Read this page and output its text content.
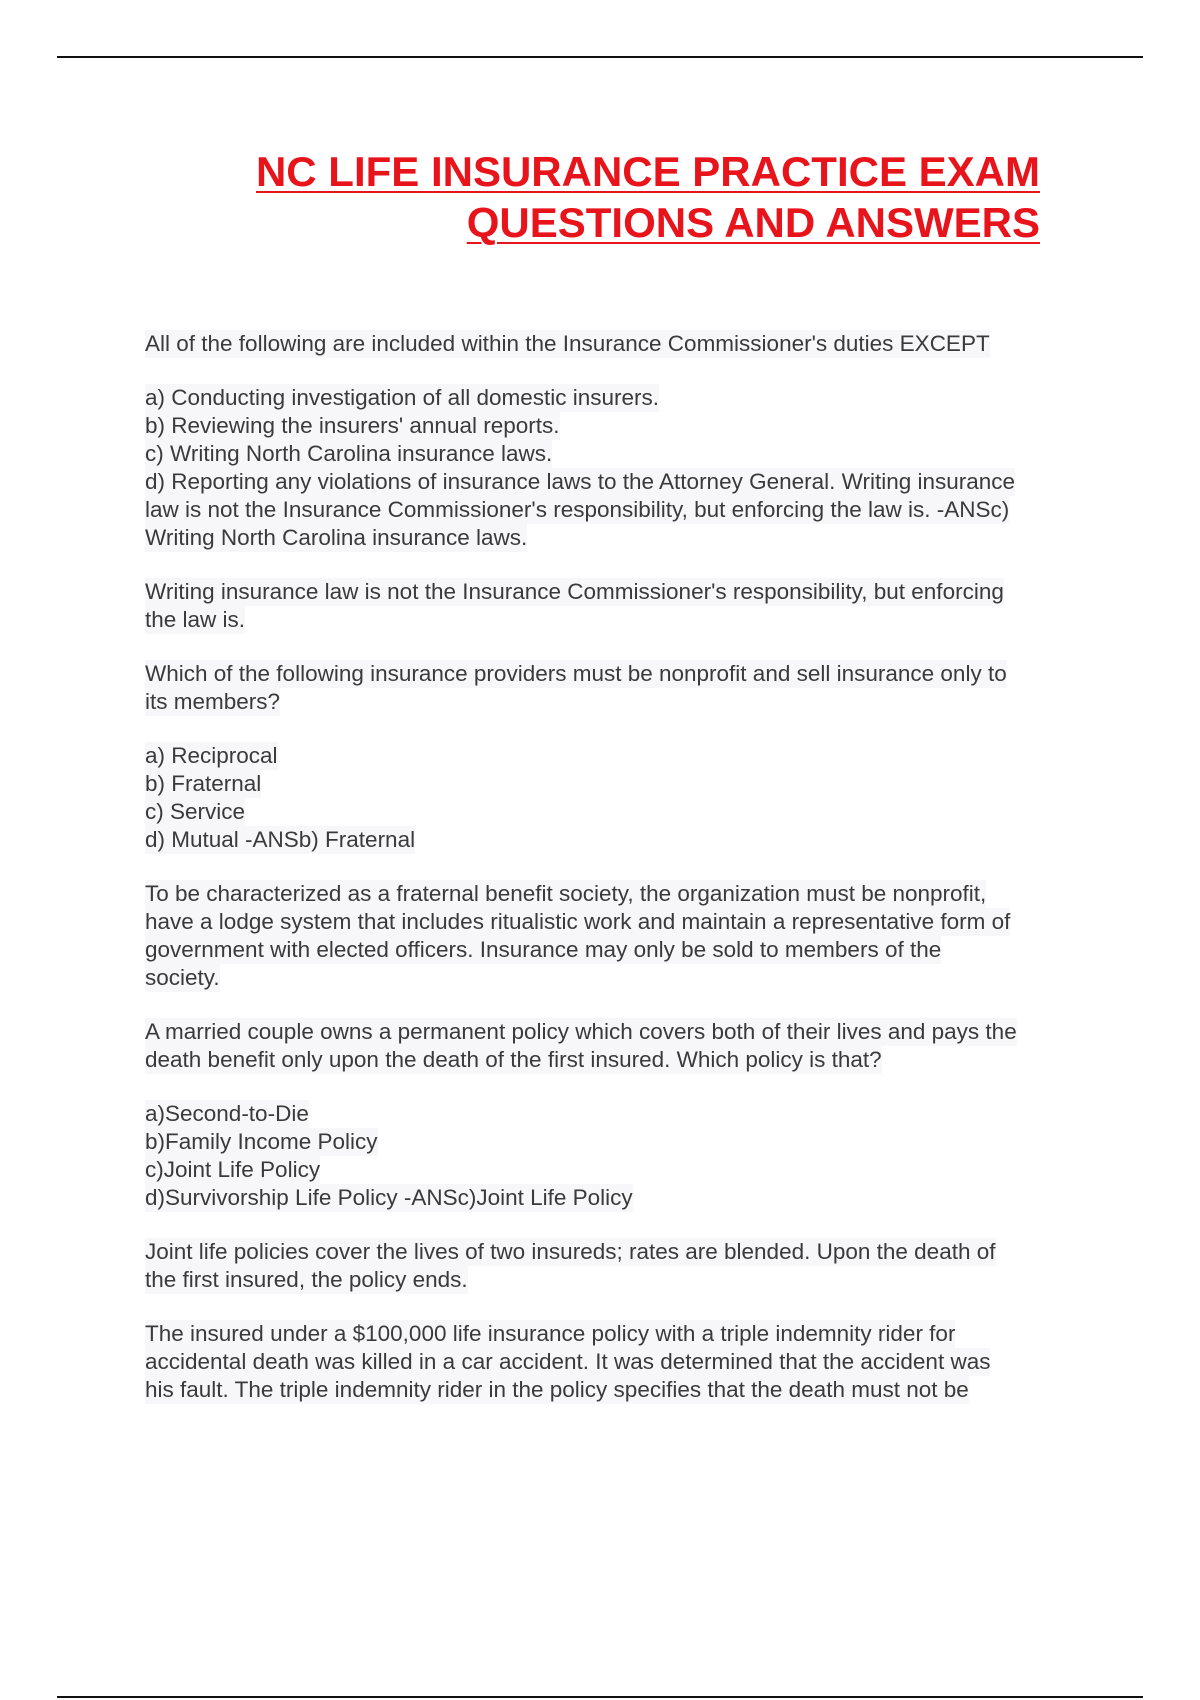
NC LIFE INSURANCE PRACTICE EXAM
QUESTIONS AND ANSWERS
All of the following are included within the Insurance Commissioner's duties EXCEPT
a) Conducting investigation of all domestic insurers.
b) Reviewing the insurers' annual reports.
c) Writing North Carolina insurance laws.
d) Reporting any violations of insurance laws to the Attorney General. Writing insurance
law is not the Insurance Commissioner's responsibility, but enforcing the law is. -ANSc)
Writing North Carolina insurance laws.
Writing insurance law is not the Insurance Commissioner's responsibility, but enforcing
the law is.
Which of the following insurance providers must be nonprofit and sell insurance only to
its members?
a) Reciprocal
b) Fraternal
c) Service
d) Mutual -ANSb) Fraternal
To be characterized as a fraternal benefit society, the organization must be nonprofit,
have a lodge system that includes ritualistic work and maintain a representative form of
government with elected officers. Insurance may only be sold to members of the
society.
A married couple owns a permanent policy which covers both of their lives and pays the
death benefit only upon the death of the first insured. Which policy is that?
a)Second-to-Die
b)Family Income Policy
c)Joint Life Policy
d)Survivorship Life Policy -ANSc)Joint Life Policy
Joint life policies cover the lives of two insureds; rates are blended. Upon the death of
the first insured, the policy ends.
The insured under a $100,000 life insurance policy with a triple indemnity rider for
accidental death was killed in a car accident. It was determined that the accident was
his fault. The triple indemnity rider in the policy specifies that the death must not be
